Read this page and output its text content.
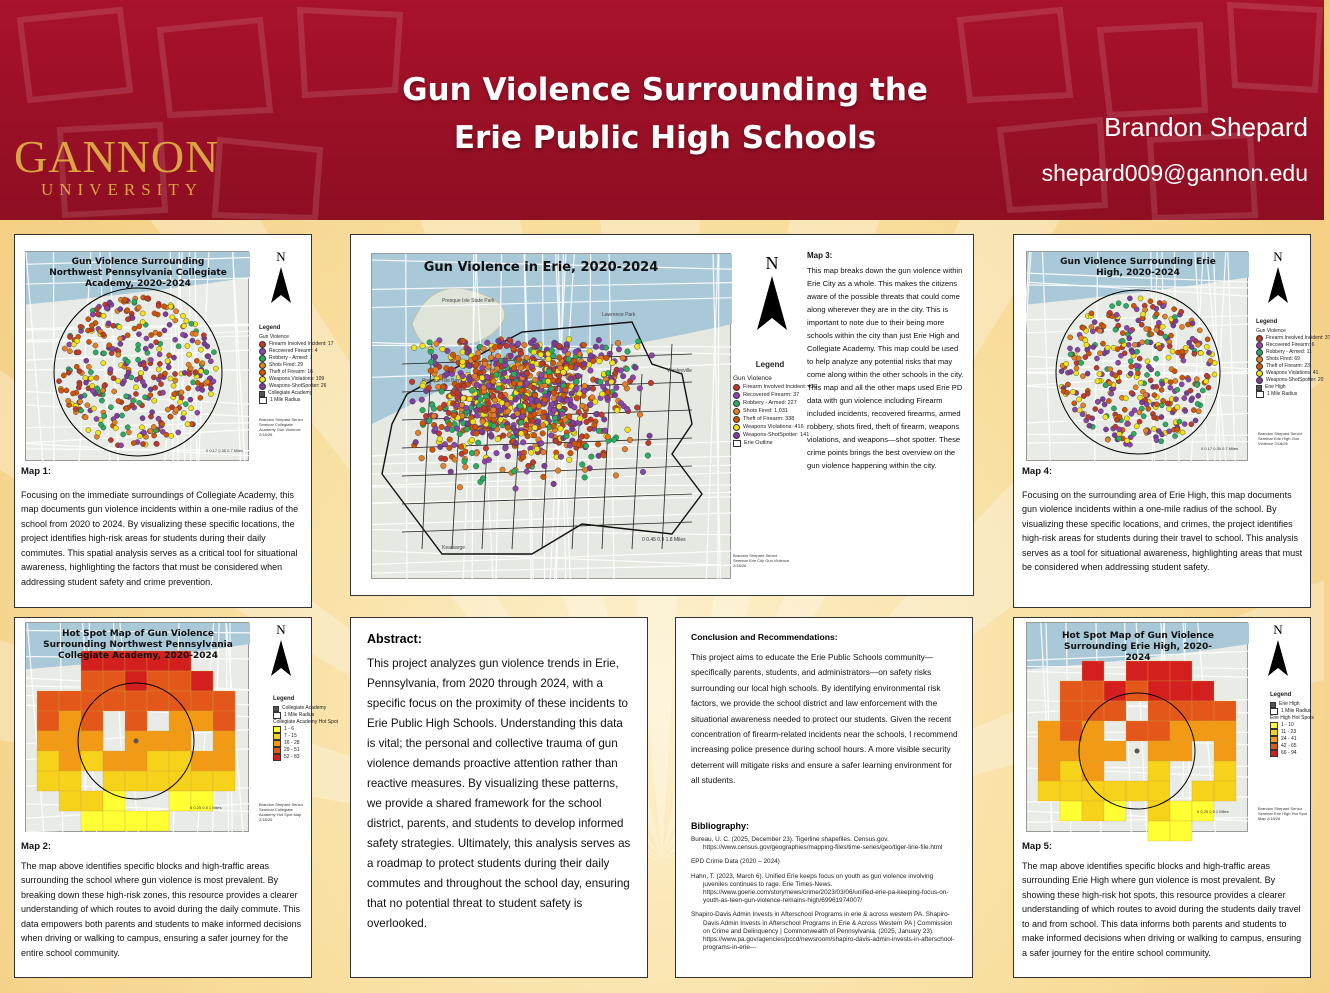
Gun Violence Surrounding the
Erie Public High Schools	Brandon Shepard
shepard009@gannon.edu
GANNON
UNIVERSITY
Gun Violence Surrounding Northwest Pennsylvania Collegiate Academy, 2020-2024
0 0.17 0.35 0.7 Miles
N
Legend
Gun Violence
Firearm Involved Incident: 17
Recovered Firearm: 4
Robbery - Armed: 7
Shots Fired: 29
Theft of Firearm: 16
Weapons Violations: 109
Weapons-ShotSpotter: 26
Collegiate Academy
1 Mile Radius
Brandon Shepard Senior Seminar Collegiate Academy Gun Violence 2/18/26
Map 1:
Focusing on the immediate surroundings of Collegiate Academy, this map documents gun violence incidents within a one-mile radius of the school from 2020 to 2024. By visualizing these specific locations, the project identifies high-risk areas for students during their daily commutes. This spatial analysis serves as a critical tool for situational awareness, highlighting the factors that must be considered when addressing student safety and crime prevention.
Hot Spot Map of Gun Violence Surrounding Northwest Pennsylvania Collegiate Academy, 2020-2024
0 0.25 0.5 1 Miles
N
Legend
Collegiate Academy
1 Mile Radius
Collegiate Academy Hot Spot
1 - 6
7 - 15
16 - 28
29 - 51
52 - 83
Brandon Shepard Senior Seminar Collegiate Academy Hot Spot Map 2/18/26
Map 2:
The map above identifies specific blocks and high-traffic areas surrounding the school where gun violence is most prevalent. By breaking down these high-risk zones, this resource provides a clearer understanding of which routes to avoid during the daily commute. This data empowers both parents and students to make informed decisions when driving or walking to campus, ensuring a safer journey for the entire school community.
Presque Isle State Park
Presque Isle Bay
Lawrence Park
Wesleyville
Kearsarge
Gun Violence in Erie, 2020-2024
0 0.45 0.9 1.8 Miles
N
Legend
Gun Violence
Firearm Involved Incident: 429
Recovered Firearm: 37
Robbery - Armed: 227
Shots Fired: 1,031
Theft of Firearm: 338
Weapons Violations: 416
Weapons-ShotSpotter: 141
Erie Outline
Brandon Shepard Senior Seminar Erie City Gun Violence 2/18/26
Map 3:
This map breaks down the gun violence within Erie City as a whole. This makes the citizens aware of the possible threats that could come along wherever they are in the city. This is important to note due to their being more schools within the city than just Erie High and Collegiate Academy. This map could be used to help analyze any potential risks that may come along within the other schools in the city. This map and all the other maps used Erie PD data with gun violence including Firearm included incidents, recovered firearms, armed robbery, shots fired, theft of firearm, weapons violations, and weapons—shot spotter. These crime points brings the best overview on the gun violence happening within the city.
Abstract:
This project analyzes gun violence trends in Erie, Pennsylvania, from 2020 through 2024, with a specific focus on the proximity of these incidents to Erie Public High Schools. Understanding this data is vital; the personal and collective trauma of gun violence demands proactive attention rather than reactive measures. By visualizing these patterns, we provide a shared framework for the school district, parents, and students to develop informed safety strategies. Ultimately, this analysis serves as a roadmap to protect students during their daily commutes and throughout the school day, ensuring that no potential threat to student safety is overlooked.
Conclusion and Recommendations:
This project aims to educate the Erie Public Schools community—specifically parents, students, and administrators—on safety risks surrounding our local high schools. By identifying environmental risk factors, we provide the school district and law enforcement with the situational awareness needed to protect our students. Given the recent concentration of firearm-related incidents near the schools, I recommend increasing police presence during school hours. A more visible security deterrent will mitigate risks and ensure a safer learning environment for all students.
Bibliography:
Bureau, U. C. (2025, December 23). Tigerline shapefiles. Census.gov. https://www.census.gov/geographies/mapping-files/time-series/geo/tiger-line-file.html
EPD Crime Data (2020 – 2024)
Hahn, T. (2023, March 6). Unified Erie keeps focus on youth as gun violence involving juveniles continues to rage. Erie Times-News. https://www.goerie.com/story/news/crime/2023/03/06/unified-erie-pa-keeping-focus-on-youth-as-teen-gun-violence-remains-high/69961974007/
Shapiro-Davis Admin Invests in Afterschool Programs in erie & across western PA. Shapiro-Davis Admin Invests in Afterschool Programs in Erie & Across Western PA | Commission on Crime and Delinquency | Commonwealth of Pennsylvania. (2025, January 23). https://www.pa.gov/agencies/pccd/newsroom/shapiro-davis-admin-invests-in-afterschool-programs-in-erie---
Gun Violence Surrounding Erie High, 2020-2024
0 0.17 0.35 0.7 Miles
N
Legend
Gun Violence
Firearm Involved Incident: 37
Recovered Firearm: 6
Robbery - Armed: 11
Shots Fired: 69
Theft of Firearm: 23
Weapons Violations: 41
Weapons-ShotSpotter: 20
Erie High
1 Mile Radius
Brandon Shepard Senior Seminar Erie High Gun Violence 2/18/26
Map 4:
Focusing on the surrounding area of Erie High, this map documents gun violence incidents within a one-mile radius of the school. By visualizing these specific locations, and crimes, the project identifies high-risk areas for students during their travel to school. This analysis serves as a tool for situational awareness, highlighting areas that must be considered when addressing student safety.
Hot Spot Map of Gun Violence Surrounding Erie High, 2020-2024
0 0.25 0.5 1 Miles
N
Legend
Erie High
1 Mile Radius
Erie High Hot Spots
1 - 10
11 - 23
24 - 41
42 - 65
66 - 94
Brandon Shepard Senior Seminar Erie High Hot Spot Map 2/18/26
Map 5:
The map above identifies specific blocks and high-traffic areas surrounding Erie High where gun violence is most prevalent. By showing these high-risk hot spots, this resource provides a clearer understanding of which routes to avoid during the students daily travel to and from school. This data informs both parents and students to make informed decisions when driving or walking to campus, ensuring a safer journey for the entire school community.
